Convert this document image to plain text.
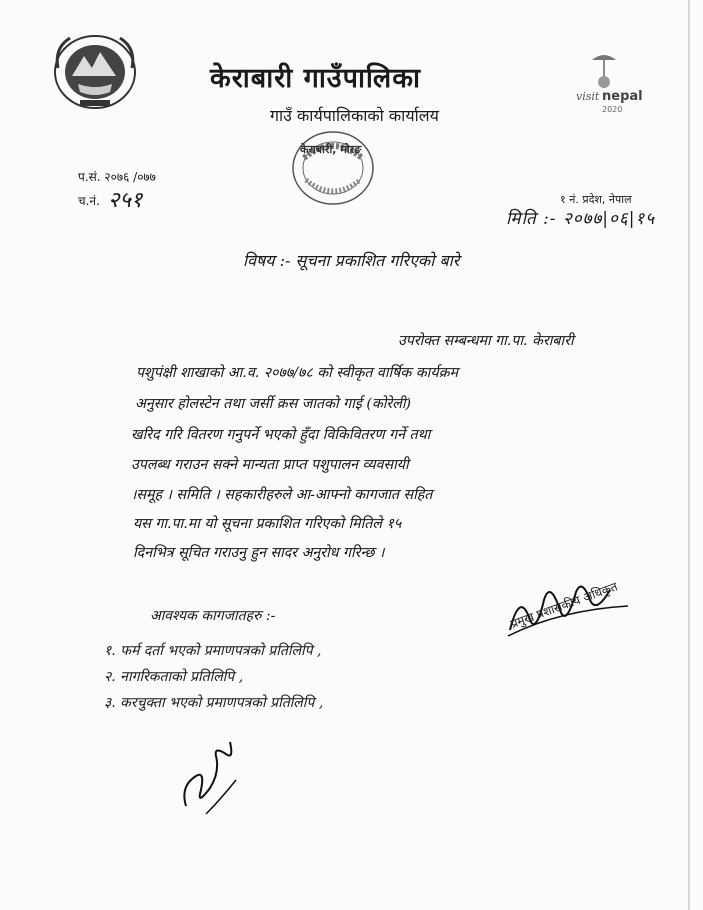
visit nepal
2020
केराबारी गाउँपालिका
गाउँ कार्यपालिकाको कार्यालय
केराबारी, मोरङ
प.सं. २०७६ /०७७
च.नं. २५१	१ नं. प्रदेश, नेपाल
मिति :- २०७७|०६|१५
विषय :- सूचना प्रकाशित गरिएको बारे
उपरोक्त सम्बन्धमा गा.पा. केराबारी
पशुपंक्षी शाखाको आ.व. २०७७/७८ को स्वीकृत वार्षिक कार्यक्रम
अनुसार होलस्टेन तथा जर्सी क्रस जातको गाई (कोरेली)
खरिद गरि वितरण गनुपर्ने भएको हुँदा विकिवितरण गर्ने तथा
उपलब्ध गराउन सक्ने मान्यता प्राप्त पशुपालन व्यवसायी
।समूह । समिति । सहकारीहरुले आ-आफ्नो कागजात सहित
यस गा.पा.मा यो सूचना प्रकाशित गरिएको मितिले १५
दिनभित्र सूचित गराउनु हुन सादर अनुरोध गरिन्छ ।
प्रमुख प्रशासकीय अधिकृत
आवश्यक कागजातहरु :-
१. फर्म दर्ता भएको प्रमाणपत्रको प्रतिलिपि ,
२. नागरिकताको प्रतिलिपि ,
३. करचुक्ता भएको प्रमाणपत्रको प्रतिलिपि ,
